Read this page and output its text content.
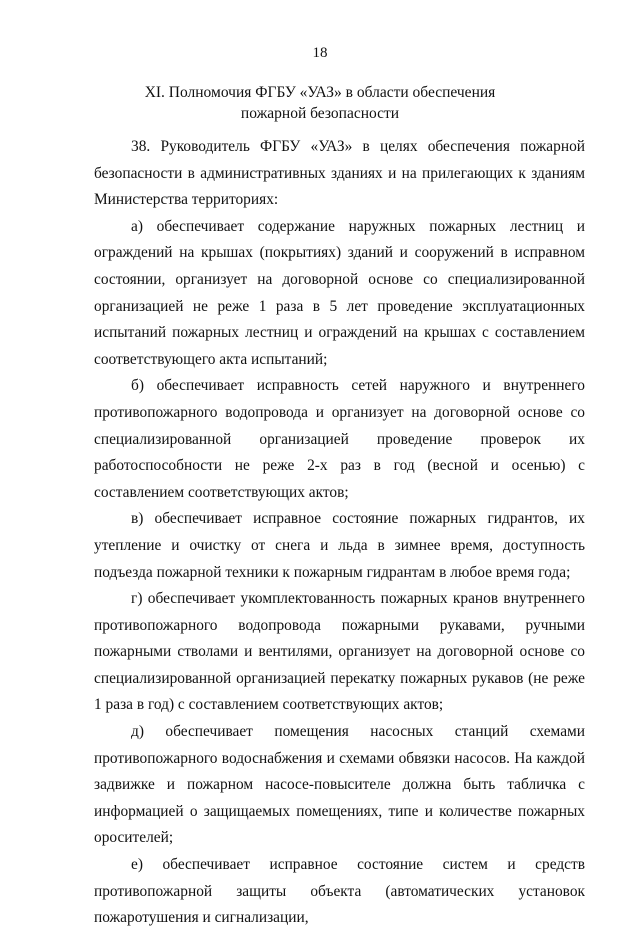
18
XI. Полномочия ФГБУ «УАЗ» в области обеспечения пожарной безопасности

38. Руководитель ФГБУ «УАЗ» в целях обеспечения пожарной безопасности в административных зданиях и на прилегающих к зданиям Министерства территориях:

а) обеспечивает содержание наружных пожарных лестниц и ограждений на крышах (покрытиях) зданий и сооружений в исправном состоянии, организует на договорной основе со специализированной организацией не реже 1 раза в 5 лет проведение эксплуатационных испытаний пожарных лестниц и ограждений на крышах с составлением соответствующего акта испытаний;

б) обеспечивает исправность сетей наружного и внутреннего противопожарного водопровода и организует на договорной основе со специализированной организацией проведение проверок их работоспособности не реже 2-х раз в год (весной и осенью) с составлением соответствующих актов;

в) обеспечивает исправное состояние пожарных гидрантов, их утепление и очистку от снега и льда в зимнее время, доступность подъезда пожарной техники к пожарным гидрантам в любое время года;

г) обеспечивает укомплектованность пожарных кранов внутреннего противопожарного водопровода пожарными рукавами, ручными пожарными стволами и вентилями, организует на договорной основе со специализированной организацией перекатку пожарных рукавов (не реже 1 раза в год) с составлением соответствующих актов;

д) обеспечивает помещения насосных станций схемами противопожарного водоснабжения и схемами обвязки насосов. На каждой задвижке и пожарном насосе-повысителе должна быть табличка с информацией о защищаемых помещениях, типе и количестве пожарных оросителей;

е) обеспечивает исправное состояние систем и средств противопожарной защиты объекта (автоматических установок пожаротушения и сигнализации,
